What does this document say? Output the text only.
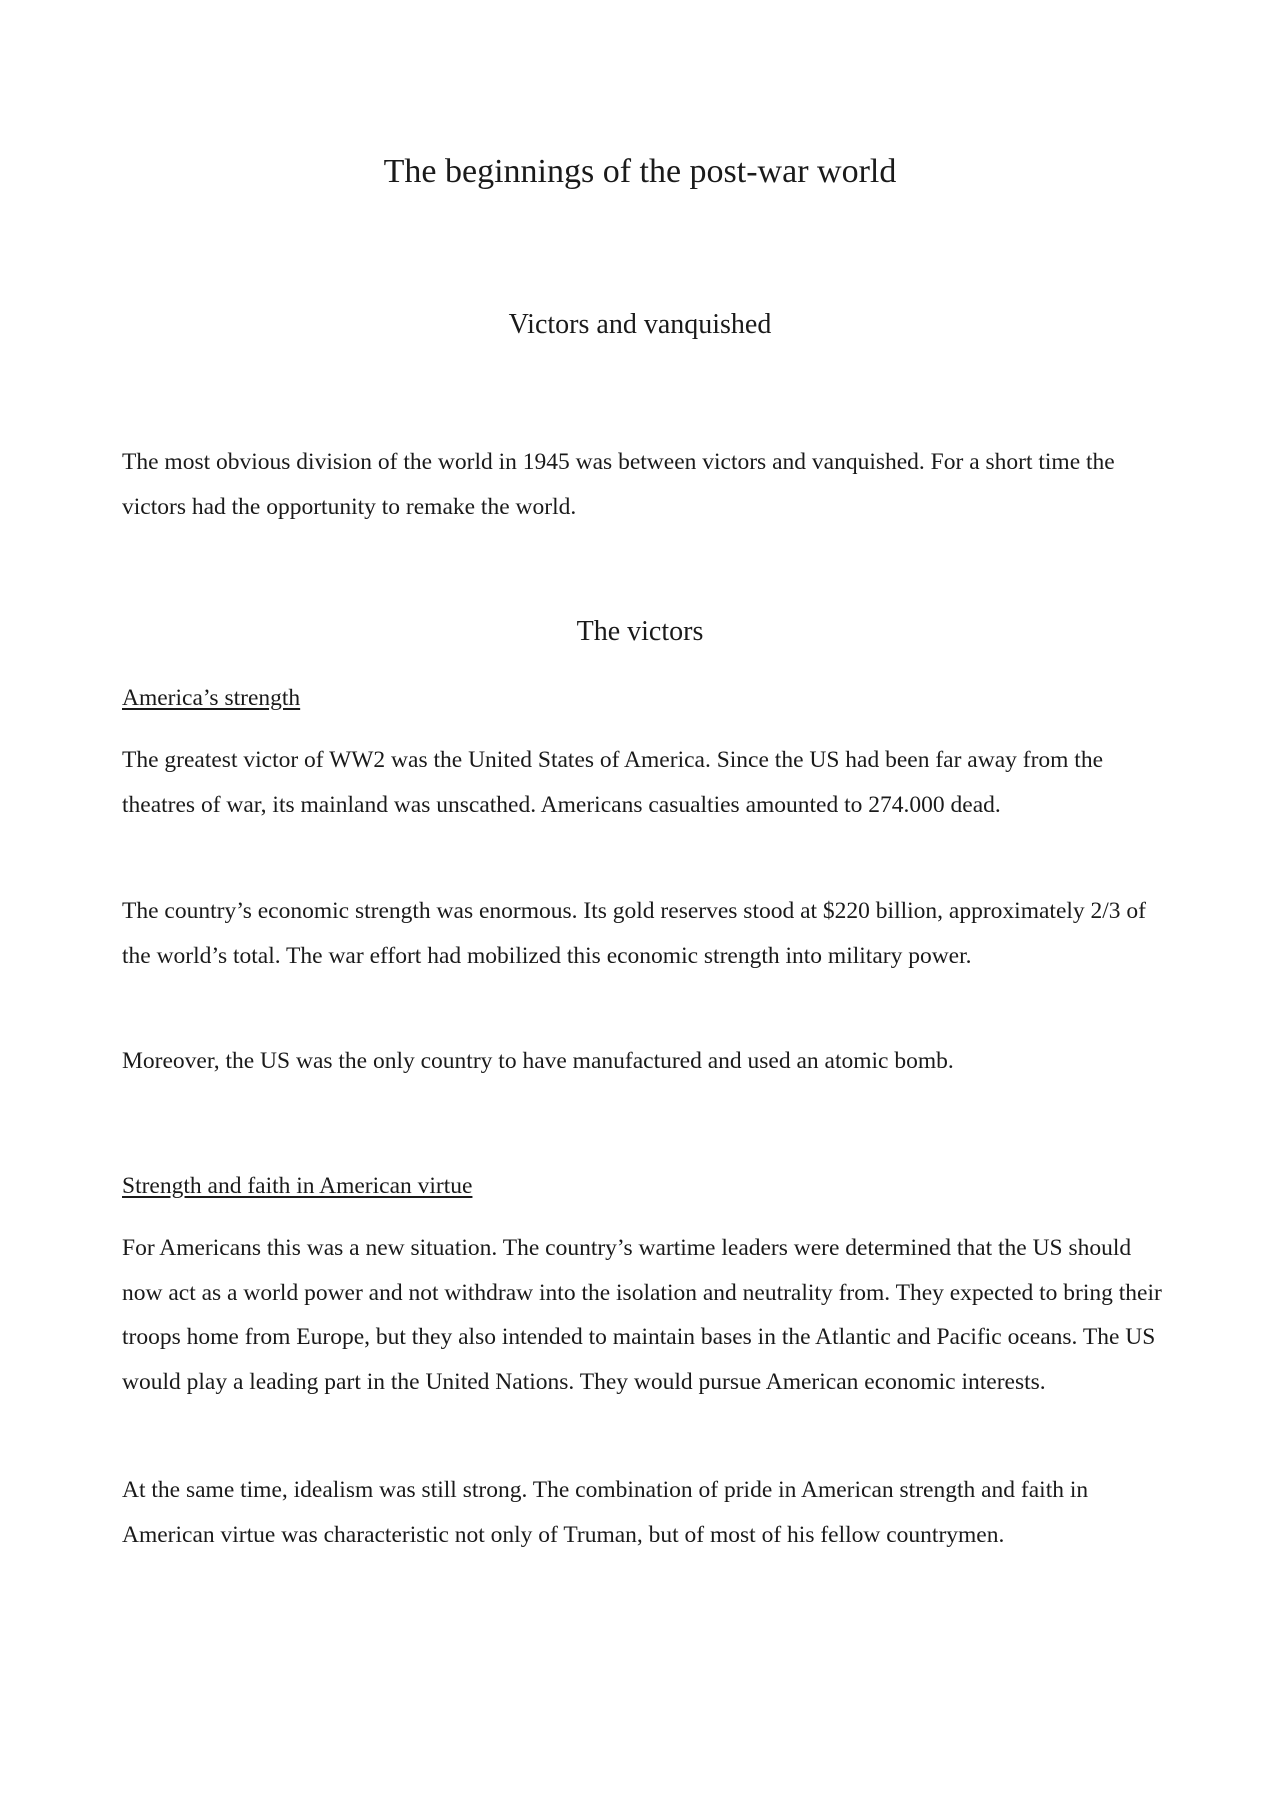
The beginnings of the post-war world
Victors and vanquished

The most obvious division of the world in 1945 was between victors and vanquished. For a short time the victors had the opportunity to remake the world.

The victors

America’s strength

The greatest victor of WW2 was the United States of America. Since the US had been far away from the theatres of war, its mainland was unscathed. Americans casualties amounted to 274.000 dead.

The country’s economic strength was enormous. Its gold reserves stood at $220 billion, approximately 2/3 of the world’s total. The war effort had mobilized this economic strength into military power.

Moreover, the US was the only country to have manufactured and used an atomic bomb.

Strength and faith in American virtue

For Americans this was a new situation. The country’s wartime leaders were determined that the US should now act as a world power and not withdraw into the isolation and neutrality from. They expected to bring their troops home from Europe, but they also intended to maintain bases in the Atlantic and Pacific oceans. The US would play a leading part in the United Nations. They would pursue American economic interests.

At the same time, idealism was still strong. The combination of pride in American strength and faith in American virtue was characteristic not only of Truman, but of most of his fellow countrymen.
